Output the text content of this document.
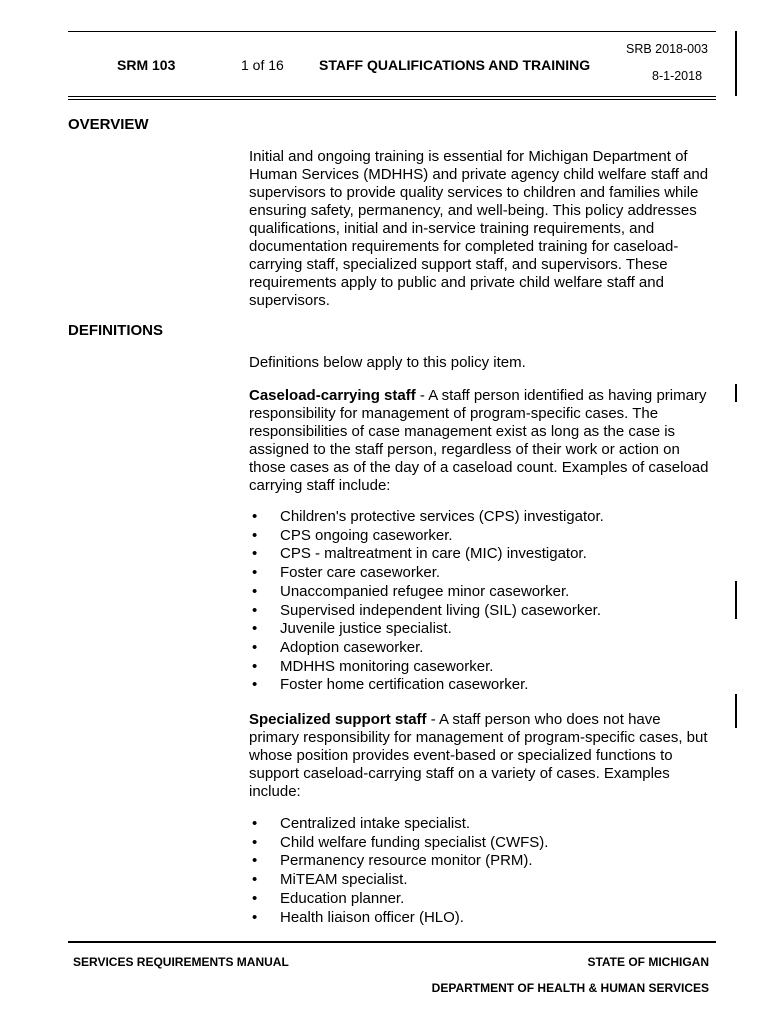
SRM 103	1 of 16	STAFF QUALIFICATIONS AND TRAINING
SRB 2018-003
8-1-2018
OVERVIEW

Initial and ongoing training is essential for Michigan Department of Human Services (MDHHS) and private agency child welfare staff and supervisors to provide quality services to children and families while ensuring safety, permanency, and well-being. This policy addresses qualifications, initial and in-service training requirements, and documentation requirements for completed training for caseload-carrying staff, specialized support staff, and supervisors. These requirements apply to public and private child welfare staff and supervisors.

DEFINITIONS

Definitions below apply to this policy item.

Caseload-carrying staff - A staff person identified as having primary responsibility for management of program-specific cases. The responsibilities of case management exist as long as the case is assigned to the staff person, regardless of their work or action on those cases as of the day of a caseload count. Examples of caseload carrying staff include:

• Children's protective services (CPS) investigator.
• CPS ongoing caseworker.
• CPS - maltreatment in care (MIC) investigator.
• Foster care caseworker.
• Unaccompanied refugee minor caseworker.
• Supervised independent living (SIL) caseworker.
• Juvenile justice specialist.
• Adoption caseworker.
• MDHHS monitoring caseworker.
• Foster home certification caseworker.

Specialized support staff - A staff person who does not have primary responsibility for management of program-specific cases, but whose position provides event-based or specialized functions to support caseload-carrying staff on a variety of cases. Examples include:

• Centralized intake specialist.
• Child welfare funding specialist (CWFS).
• Permanency resource monitor (PRM).
• MiTEAM specialist.
• Education planner.
• Health liaison officer (HLO).
SERVICES REQUIREMENTS MANUAL	STATE OF MICHIGAN
DEPARTMENT OF HEALTH & HUMAN SERVICES
